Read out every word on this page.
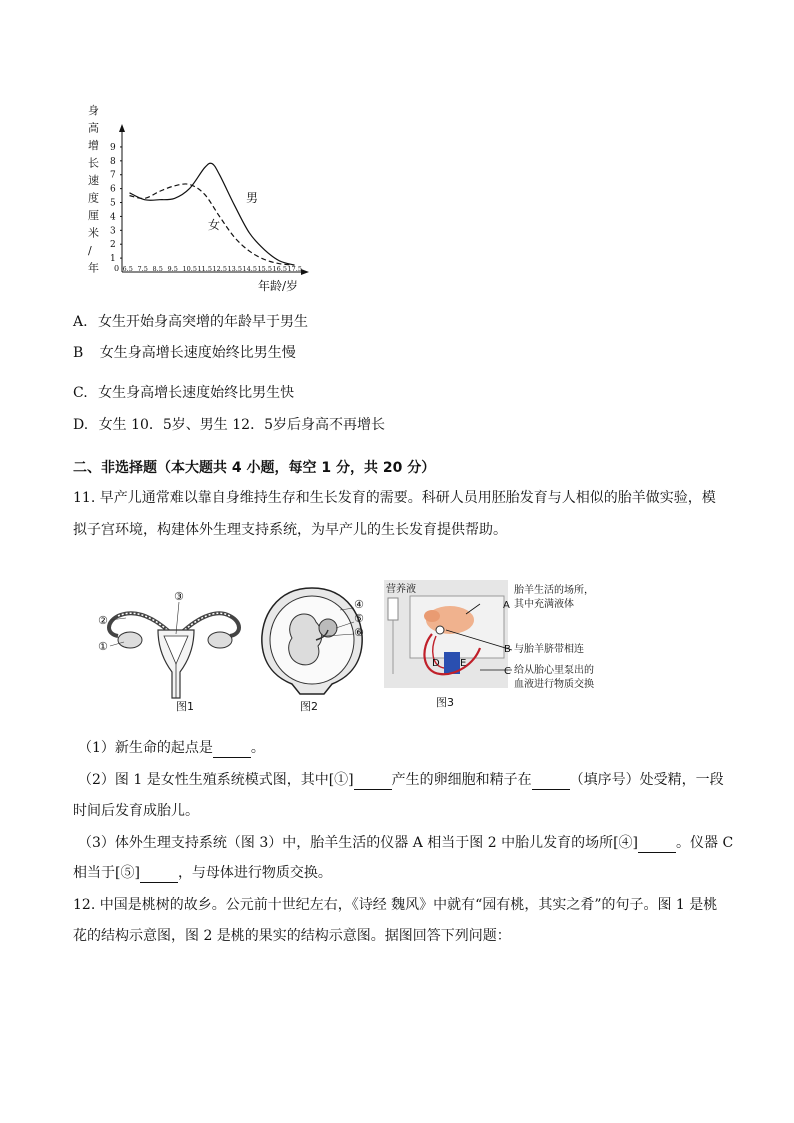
身
高
增
长
速
度
厘
米
/
年
1
2
3
4
5
6
7
8
9
6.5 7.5 8.5 9.5 10.5 11.5 12.5 13.5 14.5 15.5 16.5 17.5
0
男
女
年龄/岁
A. 女生开始身高突增的年龄早于男生
B 女生身高增长速度始终比男生慢
C. 女生身高增长速度始终比男生快
D. 女生 10．5岁、男生 12．5岁后身高不再增长
二、非选择题（本大题共 4 小题，每空 1 分，共 20 分）
11. 早产儿通常难以靠自身维持生存和生长发育的需要。科研人员用胚胎发育与人相似的胎羊做实验，模
拟子宫环境，构建体外生理支持系统，为早产儿的生长发育提供帮助。
③
②
①
图1
④
⑤
⑥
图2
营养液	胎羊生活的场所，
其中充满液体
A
B 与胎羊脐带相连
C 给从胎心里泵出的
血液进行物质交换
D E
图3
（1）新生命的起点是	。
（2）图 1 是女性生殖系统模式图，其中[①]	产生的卵细胞和精子在	（填序号）处受精，一段
时间后发育成胎儿。
（3）体外生理支持系统（图 3）中，胎羊生活的仪器 A 相当于图 2 中胎儿发育的场所[④]	。仪器 C
相当于[⑤]	，与母体进行物质交换。
12. 中国是桃树的故乡。公元前十世纪左右，《诗经 魏风》中就有“园有桃，其实之肴”的句子。图 1 是桃
花的结构示意图，图 2 是桃的果实的结构示意图。据图回答下列问题：
